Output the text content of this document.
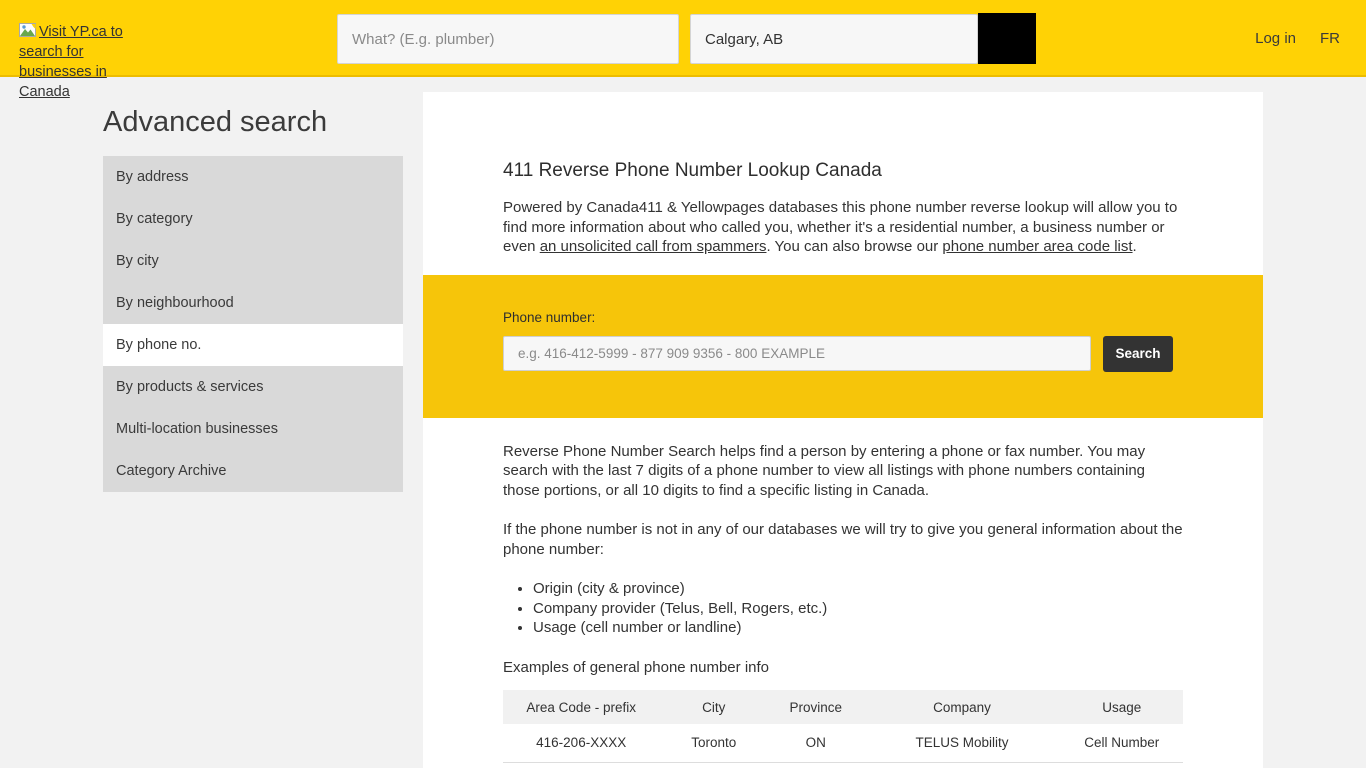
Visit YP.ca to search for businesses in Canada
What? (E.g. plumber)
Calgary, AB
Log in FR
Advanced search
By address
By category
By city
By neighbourhood
By phone no.
By products & services
Multi-location businesses
Category Archive
411 Reverse Phone Number Lookup Canada

Powered by Canada411 & Yellowpages databases this phone number reverse lookup will allow you to find more information about who called you, whether it's a residential number, a business number or even an unsolicited call from spammers. You can also browse our phone number area code list.

Phone number:
e.g. 416-412-5999 - 877 909 9356 - 800 EXAMPLE
Search

Reverse Phone Number Search helps find a person by entering a phone or fax number. You may search with the last 7 digits of a phone number to view all listings with phone numbers containing those portions, or all 10 digits to find a specific listing in Canada.

If the phone number is not in any of our databases we will try to give you general information about the phone number:

• Origin (city & province)
• Company provider (Telus, Bell, Rogers, etc.)
• Usage (cell number or landline)

Examples of general phone number info

Area Code - prefix	City	Province	Company	Usage
416-206-XXXX	Toronto	ON	TELUS Mobility	Cell Number
